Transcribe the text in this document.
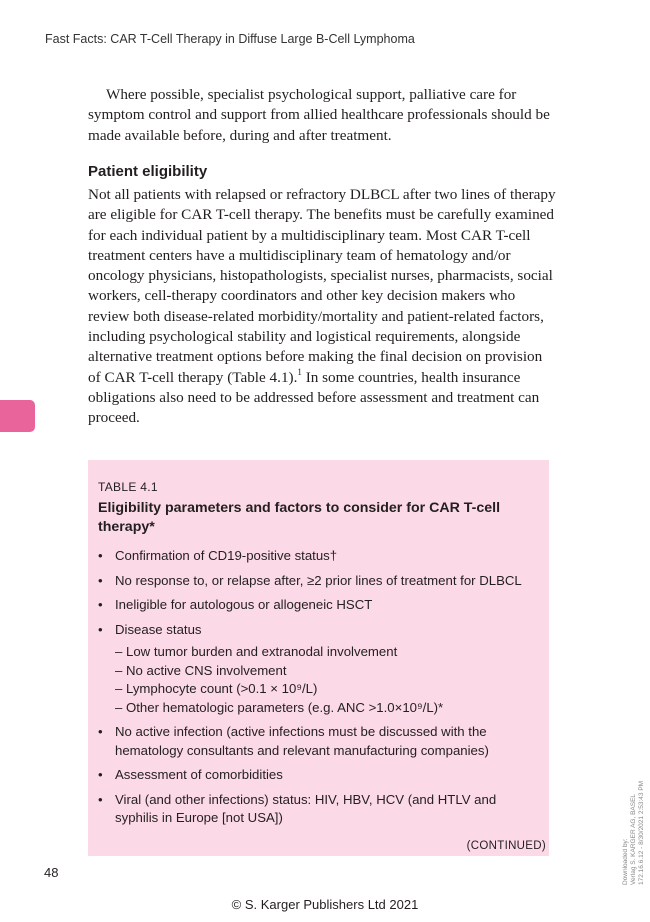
Fast Facts: CAR T-Cell Therapy in Diffuse Large B-Cell Lymphoma
Where possible, specialist psychological support, palliative care for symptom control and support from allied healthcare professionals should be made available before, during and after treatment.
Patient eligibility
Not all patients with relapsed or refractory DLBCL after two lines of therapy are eligible for CAR T-cell therapy. The benefits must be carefully examined for each individual patient by a multidisciplinary team. Most CAR T-cell treatment centers have a multidisciplinary team of hematology and/or oncology physicians, histopathologists, specialist nurses, pharmacists, social workers, cell-therapy coordinators and other key decision makers who review both disease-related morbidity/mortality and patient-related factors, including psychological stability and logistical requirements, alongside alternative treatment options before making the final decision on provision of CAR T-cell therapy (Table 4.1).$^1$ In some countries, health insurance obligations also need to be addressed before assessment and treatment can proceed.
TABLE 4.1
Eligibility parameters and factors to consider for CAR T-cell therapy*
• Confirmation of CD19-positive status†
• No response to, or relapse after, ≥2 prior lines of treatment for DLBCL
• Ineligible for autologous or allogeneic HSCT
• Disease status
– Low tumor burden and extranodal involvement
– No active CNS involvement
– Lymphocyte count (>0.1 × 10⁹/L)
– Other hematologic parameters (e.g. ANC >1.0×10⁹/L)*
• No active infection (active infections must be discussed with the hematology consultants and relevant manufacturing companies)
• Assessment of comorbidities
• Viral (and other infections) status: HIV, HBV, HCV (and HTLV and syphilis in Europe [not USA])
(CONTINUED)
48
© S. Karger Publishers Ltd 2021
Downloaded by: Verlag S. KARGER AG, BASEL 172.16.6.12 - 8/30/2021 2:53:43 PM
